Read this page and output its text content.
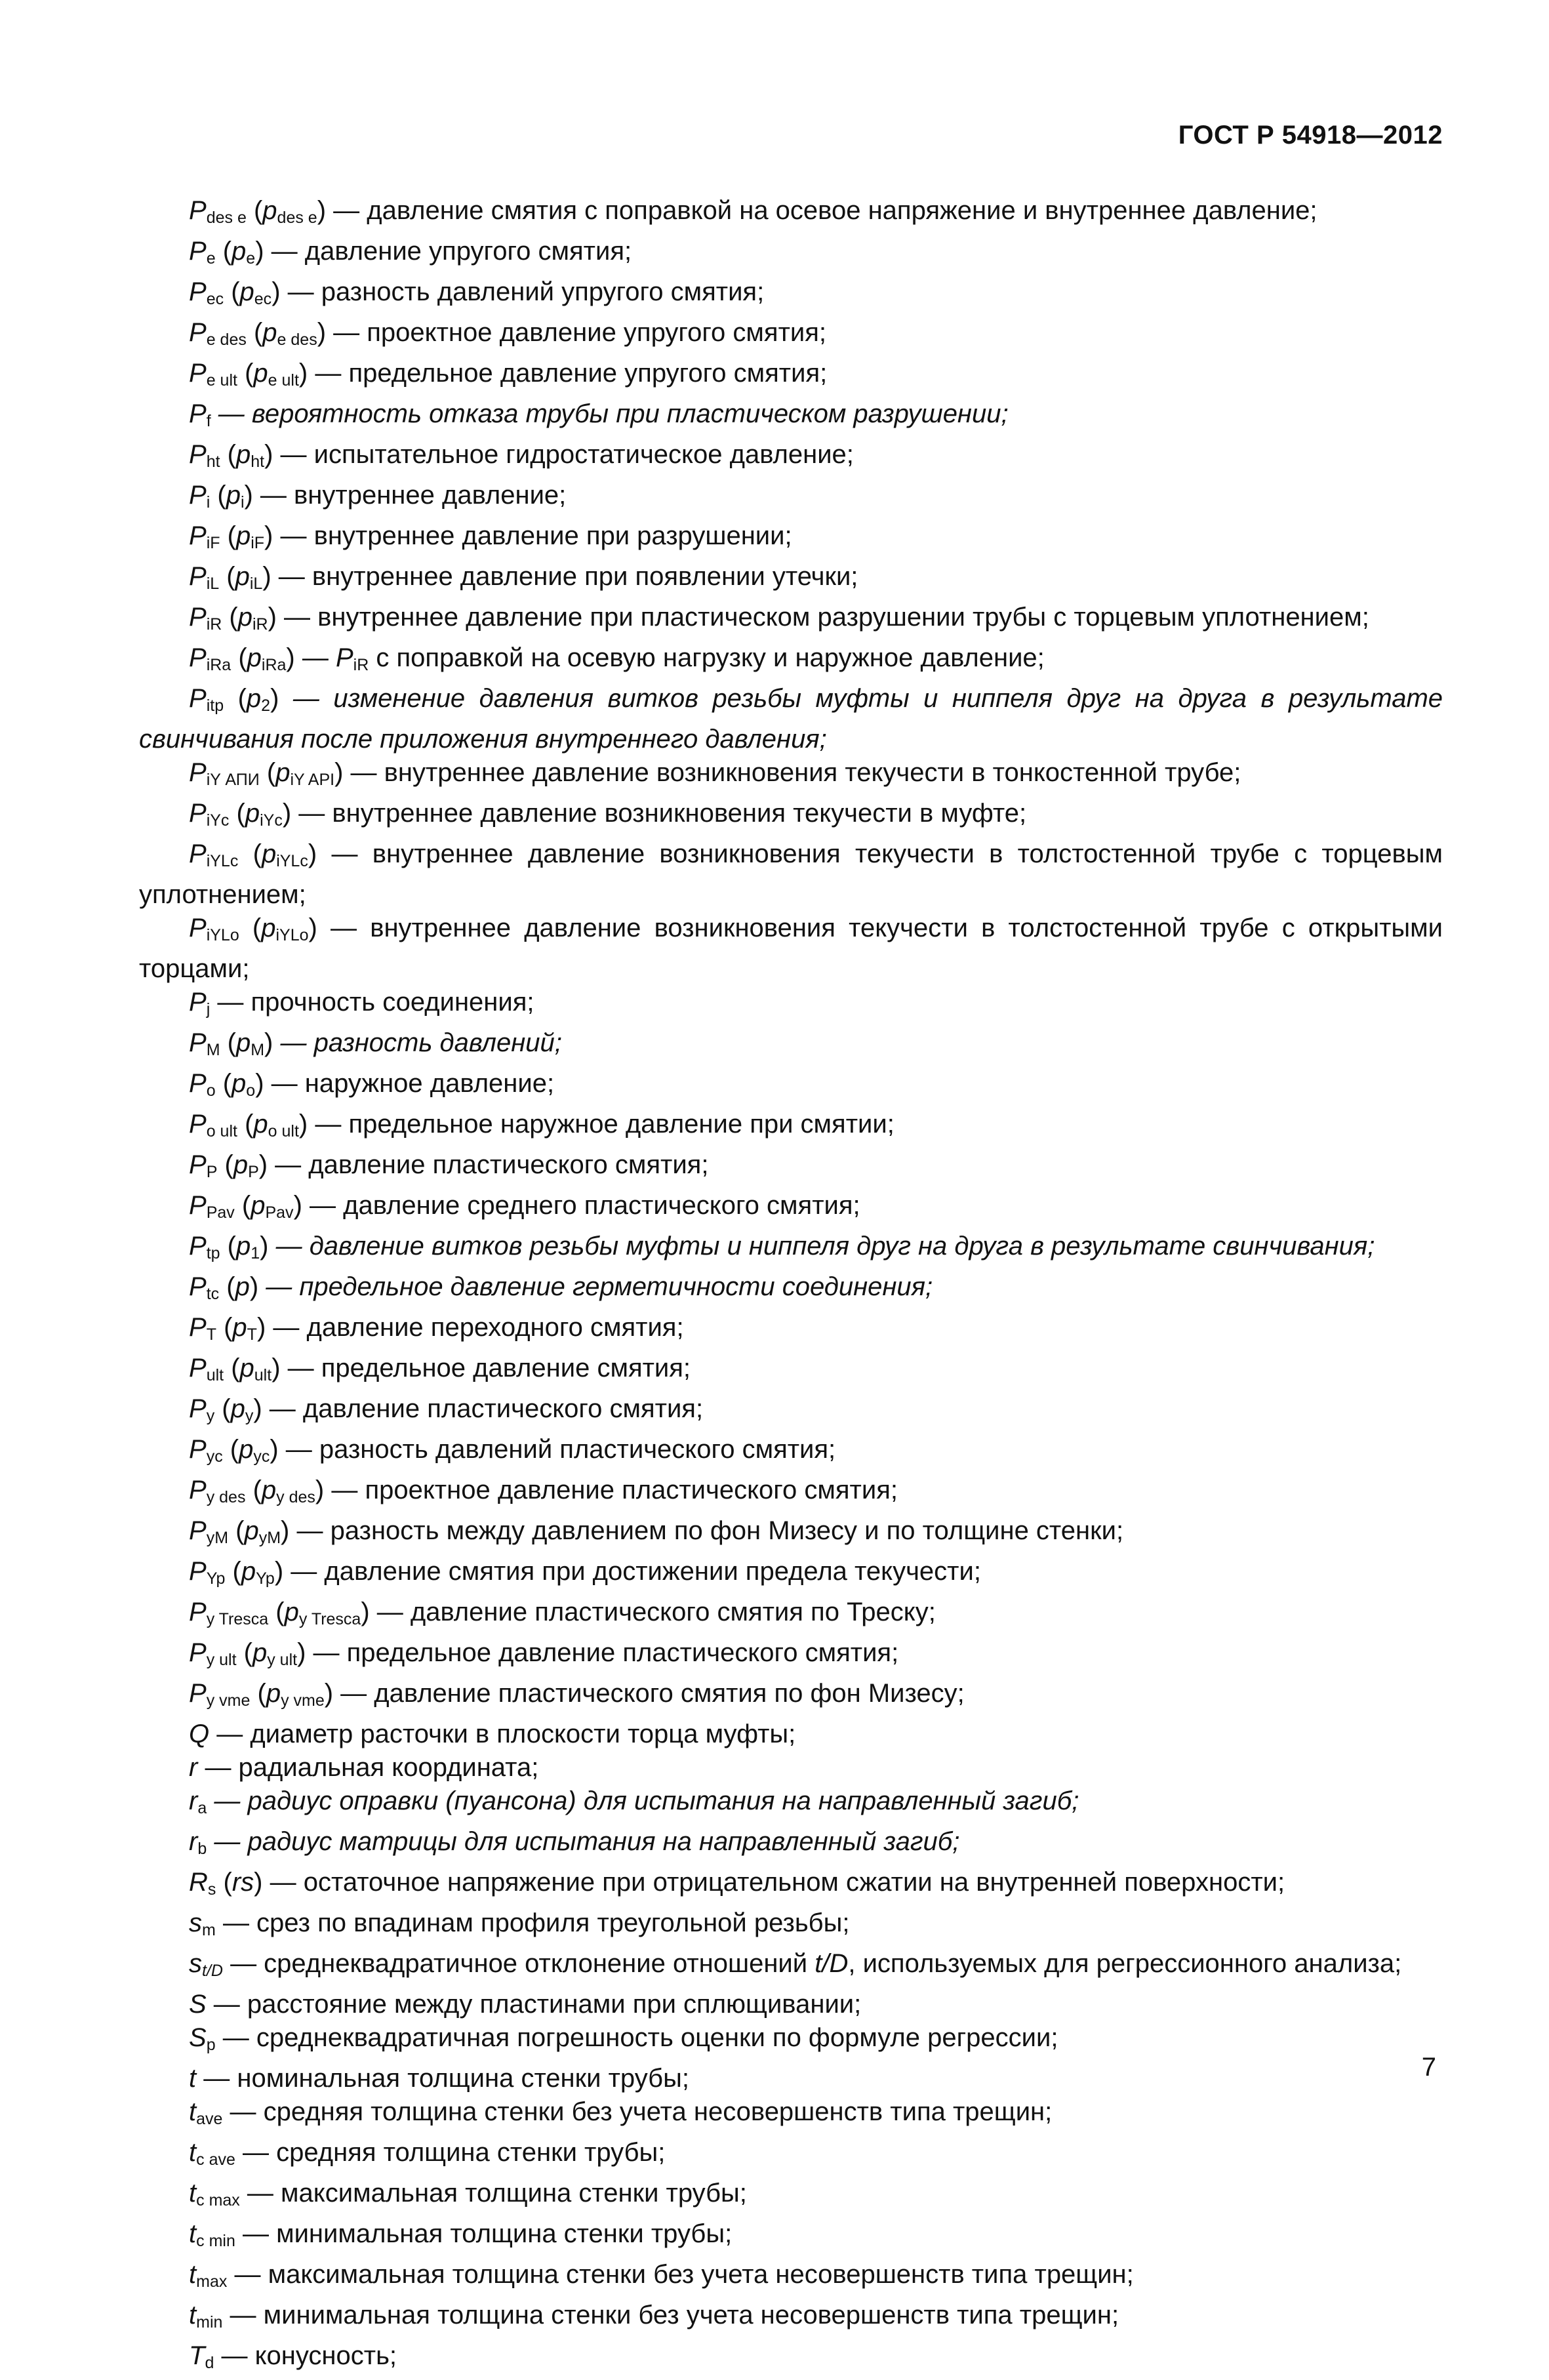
ГОСТ Р 54918—2012

Pdes e (pdes e) — давление смятия с поправкой на осевое напряжение и внутреннее давление;

Pe (pe) — давление упругого смятия;

Pec (pec) — разность давлений упругого смятия;

Pe des (pe des) — проектное давление упругого смятия;

Pe ult (pe ult) — предельное давление упругого смятия;

Pf — вероятность отказа трубы при пластическом разрушении;

Pht (pht) — испытательное гидростатическое давление;

Pi (pi) — внутреннее давление;

PiF (piF) — внутреннее давление при разрушении;

PiL (piL) — внутреннее давление при появлении утечки;

PiR (piR) — внутреннее давление при пластическом разрушении трубы с торцевым уплотнением;

PiRa (piRa) — PiR с поправкой на осевую нагрузку и наружное давление;

Pitp (p2) — изменение давления витков резьбы муфты и ниппеля друг на друга в результате свинчивания после приложения внутреннего давления;

PiY АПИ (piY API) — внутреннее давление возникновения текучести в тонкостенной трубе;

PiYc (piYc) — внутреннее давление возникновения текучести в муфте;

PiYLc (piYLc) — внутреннее давление возникновения текучести в толстостенной трубе с торцевым уплотнением;

PiYLo (piYLo) — внутреннее давление возникновения текучести в толстостенной трубе с открытыми торцами;

Pj — прочность соединения;

PM (pM) — разность давлений;

Po (po) — наружное давление;

Po ult (po ult) — предельное наружное давление при смятии;

PP (pP) — давление пластического смятия;

PPav (pPav) — давление среднего пластического смятия;

Ptp (p1) — давление витков резьбы муфты и ниппеля друг на друга в результате свинчивания;

Ptc (p) — предельное давление герметичности соединения;

PT (pT) — давление переходного смятия;

Pult (pult) — предельное давление смятия;

Py (py) — давление пластического смятия;

Pyc (pyc) — разность давлений пластического смятия;

Py des (py des) — проектное давление пластического смятия;

PyM (pyM) — разность между давлением по фон Мизесу и по толщине стенки;

PYp (pYp) — давление смятия при достижении предела текучести;

Py Tresca (py Tresca) — давление пластического смятия по Треску;

Py ult (py ult) — предельное давление пластического смятия;

Py vme (py vme) — давление пластического смятия по фон Мизесу;

Q — диаметр расточки в плоскости торца муфты;

r — радиальная координата;

ra — радиус оправки (пуансона) для испытания на направленный загиб;

rb — радиус матрицы для испытания на направленный загиб;

Rs (rs) — остаточное напряжение при отрицательном сжатии на внутренней поверхности;

sm — срез по впадинам профиля треугольной резьбы;

st/D — среднеквадратичное отклонение отношений t/D, используемых для регрессионного анализа;

S — расстояние между пластинами при сплющивании;

Sp — среднеквадратичная погрешность оценки по формуле регрессии;

t — номинальная толщина стенки трубы;

tave — средняя толщина стенки без учета несовершенств типа трещин;

tc ave — средняя толщина стенки трубы;

tc max — максимальная толщина стенки трубы;

tc min — минимальная толщина стенки трубы;

tmax — максимальная толщина стенки без учета несовершенств типа трещин;

tmin — минимальная толщина стенки без учета несовершенств типа трещин;

Td — конусность;

7
